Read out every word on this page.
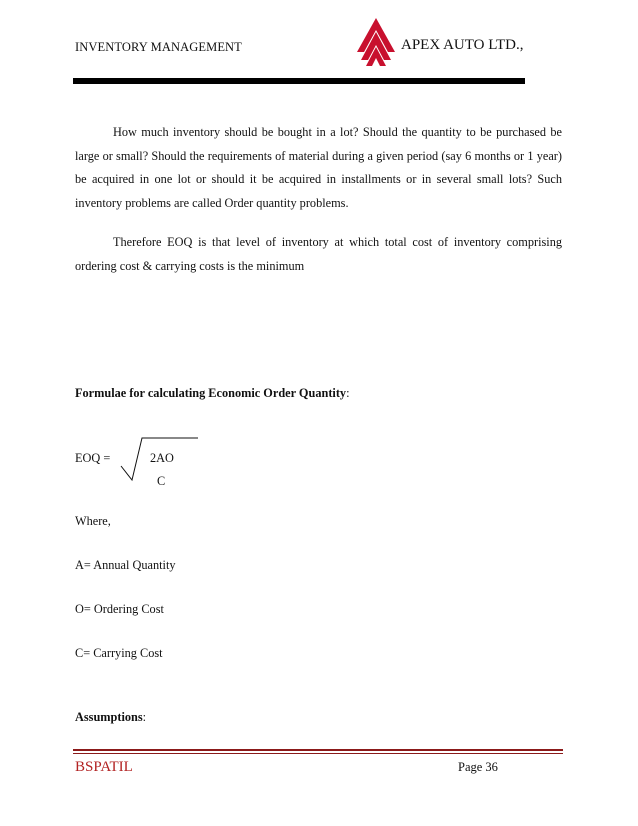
INVENTORY MANAGEMENT	APEX AUTO LTD.,
How much inventory should be bought in a lot? Should the quantity to be purchased be large or small? Should the requirements of material during a given period (say 6 months or 1 year) be acquired in one lot or should it be acquired in installments or in several small lots? Such inventory problems are called Order quantity problems.
Therefore EOQ is that level of inventory at which total cost of inventory comprising ordering cost & carrying costs is the minimum
Formulae for calculating Economic Order Quantity:
EOQ =	2AO
C
Where,
A= Annual Quantity
O= Ordering Cost
C= Carrying Cost
Assumptions:
BSPATIL	Page 36
